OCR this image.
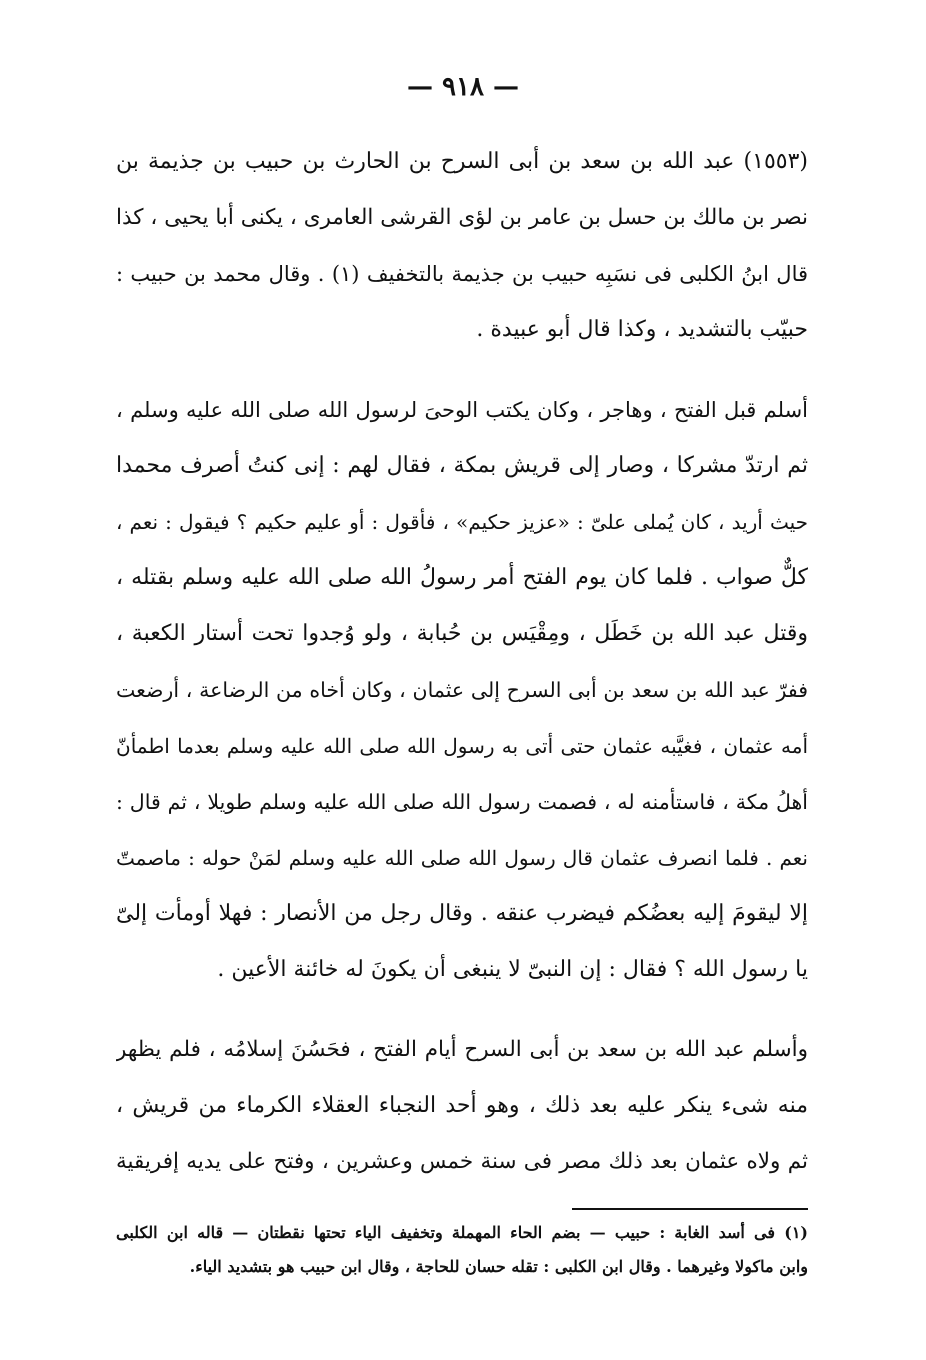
— ٩١٨ —
(١٥٥٣) عبد الله بن سعد بن أبى السرح بن الحارث بن حبيب بن جذيمة بن
نصر بن مالك بن حسل بن عامر بن لؤى القرشى العامرى ، يكنى أبا يحيى ، كذا
قال ابنُ الكلبى فى نسَبِه حبيب بن جذيمة بالتخفيف (١) . وقال محمد بن حبيب :
حبيّب بالتشديد ، وكذا قال أبو عبيدة .
أسلم قبل الفتح ، وهاجر ، وكان يكتب الوحىَ لرسول الله صلى الله عليه وسلم ،
ثم ارتدّ مشركا ، وصار إلى قريش بمكة ، فقال لهم : إنى كنتُ أصرف محمدا
حيث أريد ، كان يُملى علىّ : «عزيز حكيم» ، فأقول : أو عليم حكيم ؟ فيقول : نعم ،
كلٌّ صواب . فلما كان يوم الفتح أمر رسولُ الله صلى الله عليه وسلم بقتله ،
وقتل عبد الله بن خَطَل ، ومِقْيَس بن حُبابة ، ولو وُجدوا تحت أستار الكعبة ،
ففرّ عبد الله بن سعد بن أبى السرح إلى عثمان ، وكان أخاه من الرضاعة ، أرضعت
أمه عثمان ، فغيَّبه عثمان حتى أتى به رسول الله صلى الله عليه وسلم بعدما اطمأنّ
أهلُ مكة ، فاستأمنه له ، فصمت رسول الله صلى الله عليه وسلم طويلا ، ثم قال :
نعم . فلما انصرف عثمان قال رسول الله صلى الله عليه وسلم لمَنْ حوله : ماصمتّ
إلا ليقومَ إليه بعضُكم فيضرب عنقه . وقال رجل من الأنصار : فهلا أومأت إلىّ
يا رسول الله ؟ فقال : إن النبىّ لا ينبغى أن يكونَ له خائنة الأعين .
وأسلم عبد الله بن سعد بن أبى السرح أيام الفتح ، فحَسُنَ إسلامُه ، فلم يظهر
منه شىء ينكر عليه بعد ذلك ، وهو أحد النجباء العقلاء الكرماء من قريش ،
ثم ولاه عثمان بعد ذلك مصر فى سنة خمس وعشرين ، وفتح على يديه إفريقية
(١) فى أسد الغابة : حبيب — بضم الحاء المهملة وتخفيف الياء تحتها نقطتان — قاله ابن الكلبى
وابن ماكولا وغيرهما . وقال ابن الكلبى : تقله حسان للحاجة ، وقال ابن حبيب هو بتشديد الياء.
